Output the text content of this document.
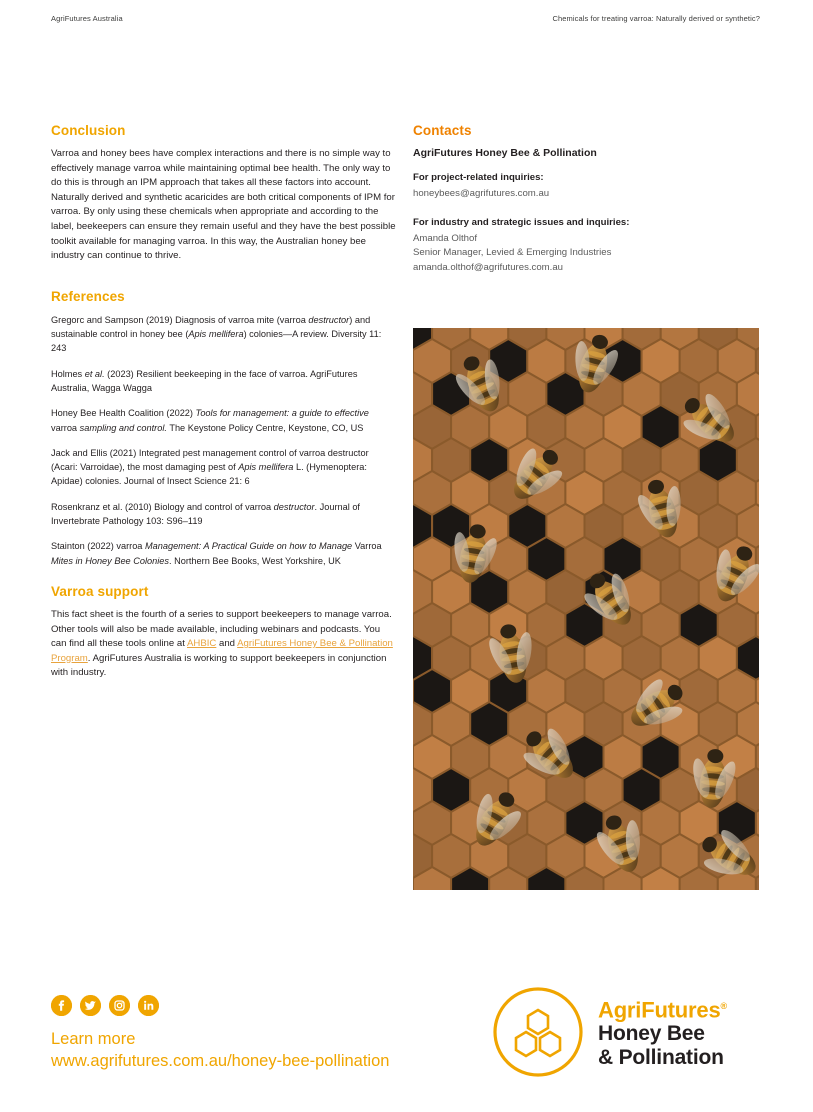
AgriFutures Australia	Chemicals for treating varroa: Naturally derived or synthetic?
Conclusion

Varroa and honey bees have complex interactions and there is no simple way to effectively manage varroa while maintaining optimal bee health. The only way to do this is through an IPM approach that takes all these factors into account. Naturally derived and synthetic acaricides are both critical components of IPM for varroa. By only using these chemicals when appropriate and according to the label, beekeepers can ensure they remain useful and they have the best possible toolkit available for managing varroa. In this way, the Australian honey bee industry can continue to thrive.

References

Gregorc and Sampson (2019) Diagnosis of varroa mite (varroa destructor) and sustainable control in honey bee (Apis mellifera) colonies—A review. Diversity 11: 243

Holmes et al. (2023) Resilient beekeeping in the face of varroa. AgriFutures Australia, Wagga Wagga

Honey Bee Health Coalition (2022) Tools for management: a guide to effective varroa sampling and control. The Keystone Policy Centre, Keystone, CO, US

Jack and Ellis (2021) Integrated pest management control of varroa destructor (Acari: Varroidae), the most damaging pest of Apis mellifera L. (Hymenoptera: Apidae) colonies. Journal of Insect Science 21: 6

Rosenkranz et al. (2010) Biology and control of varroa destructor. Journal of Invertebrate Pathology 103: S96–119

Stainton (2022) varroa Management: A Practical Guide on how to Manage Varroa Mites in Honey Bee Colonies. Northern Bee Books, West Yorkshire, UK

Varroa support

This fact sheet is the fourth of a series to support beekeepers to manage varroa. Other tools will also be made available, including webinars and podcasts. You can find all these tools online at AHBIC and AgriFutures Honey Bee & Pollination Program. AgriFutures Australia is working to support beekeepers in conjunction with industry.

Contacts

AgriFutures Honey Bee & Pollination

For project-related inquiries:

honeybees@agrifutures.com.au

For industry and strategic issues and inquiries:

Amanda Olthof

Senior Manager, Levied & Emerging Industries

amanda.olthof@agrifutures.com.au

Learn more
www.agrifutures.com.au/honey-bee-pollination
AgriFutures®
Honey Bee
& Pollination
